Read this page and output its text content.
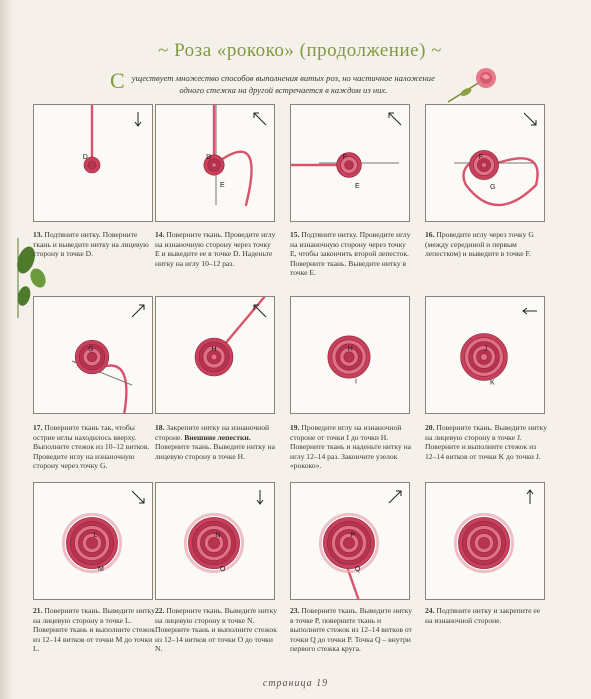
~ Роза «рококо» (продолжение) ~
С уществует множество способов выполнения витых роз, но частичное наложение одного стежка на другой встречается в каждом из них.
D
13. Подтяните нитку. Поверните ткань и выведите нитку на лицевую сторону в точке D.
D
E
14. Поверните ткань. Проведите иглу на изнаночную сторону через точку E и выведите ее в точке D. Наденьте нитку на иглу 10–12 раз.
F
E
15. Подтяните нитку. Проведите иглу на изнаночную сторону через точку E, чтобы закончить второй лепесток. Поверните ткань. Выведите нитку в точке E.
F
G
16. Проведите иглу через точку G (между серединой и первым лепестком) и выведите в точке F.
G
17. Поверните ткань так, чтобы острие иглы находилось вверху. Выполните стежок из 10–12 витков. Проведите иглу на изнаночную сторону через точку G.
H
18. Закрепите нитку на изнаночной стороне. Внешние лепестки. Поверните ткань. Выведите нитку на лицевую сторону в точке H.
H
I
19. Проведите иглу на изнаночной стороне от точки I до точки H. Поверните ткань и наденьте нитку на иглу 12–14 раз. Закончите узелок «рококо».
J
K
20. Поверните ткань. Выведите нитку на лицевую сторону в точке J. Поверните и выполните стежок из 12–14 витков от точки K до точки J.
L
M
21. Поверните ткань. Выведите нитку на лицевую сторону в точке L. Поверните ткань и выполните стежок из 12–14 витков от точки M до точки L.
N
O
22. Поверните ткань. Выведите нитку на лицевую сторону в точке N. Поверните ткань и выполните стежок из 12–14 витков от точки O до точки N.
P
Q
23. Поверните ткань. Выведите нитку в точке P, поверните ткань и выполните стежок из 12–14 витков от точки Q до точки P. Точка Q – внутри первого стежка круга.
24. Подтяните нитку и закрепите ее на изнаночной стороне.
страница 19
